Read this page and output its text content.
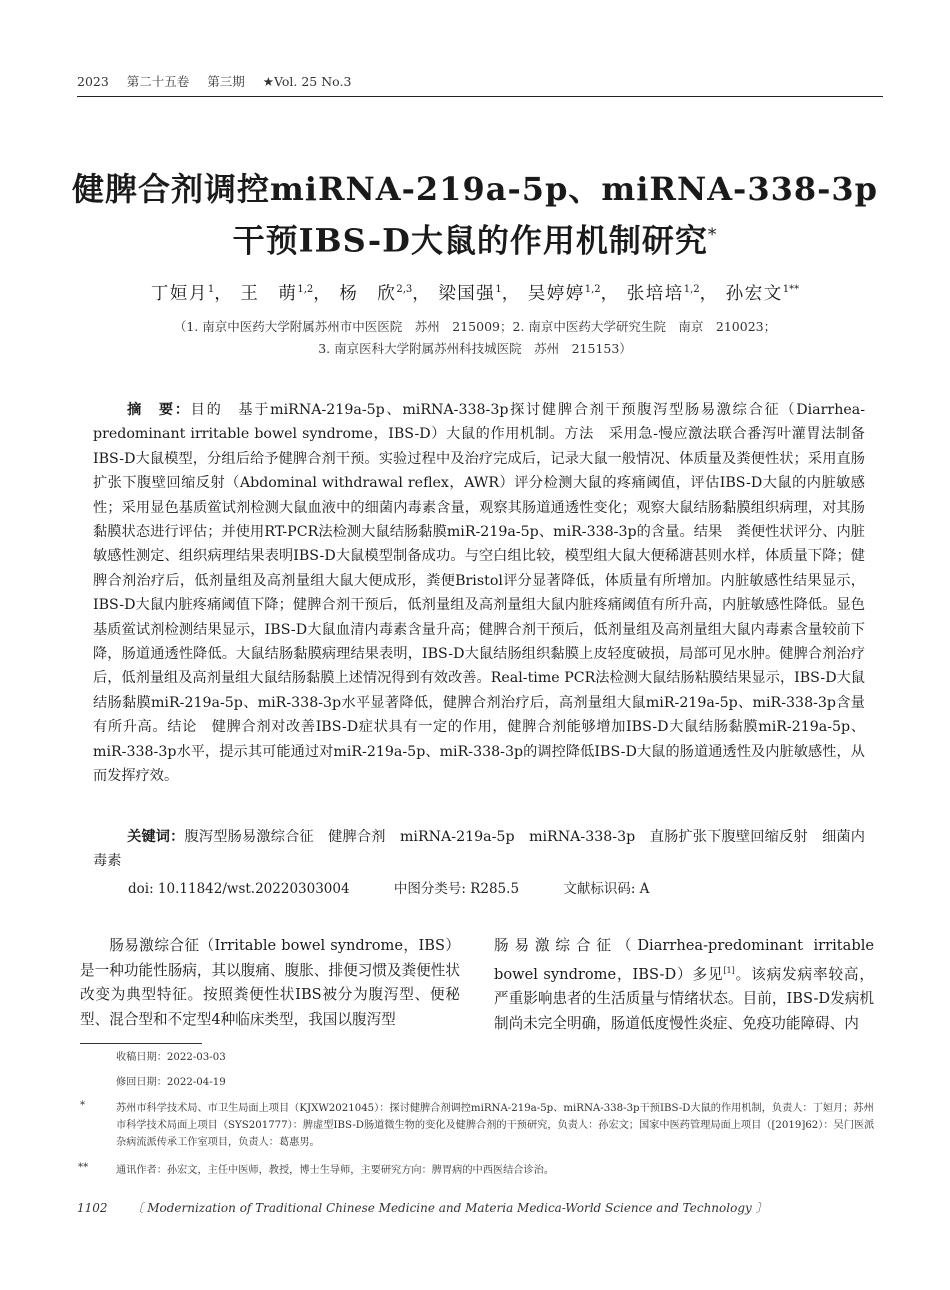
2023 第二十五卷 第三期 ★Vol. 25 No.3
健脾合剂调控miRNA-219a-5p、miRNA-338-3p
干预IBS-D大鼠的作用机制研究*
丁姮月$^1$， 王　萌$^{1,2}$， 杨　欣$^{2,3}$， 梁国强$^1$， 吴婷婷$^{1,2}$， 张培培$^{1,2}$， 孙宏文$^{1**}$
（1. 南京中医药大学附属苏州市中医医院　苏州　215009；2. 南京中医药大学研究生院　南京　210023；
3. 南京医科大学附属苏州科技城医院　苏州　215153）
摘　要：目的　基于miRNA-219a-5p、miRNA-338-3p探讨健脾合剂干预腹泻型肠易激综合征（Diarrhea-predominant irritable bowel syndrome，IBS-D）大鼠的作用机制。方法　采用急-慢应激法联合番泻叶灌胃法制备IBS-D大鼠模型，分组后给予健脾合剂干预。实验过程中及治疗完成后，记录大鼠一般情况、体质量及粪便性状；采用直肠扩张下腹壁回缩反射（Abdominal withdrawal reflex，AWR）评分检测大鼠的疼痛阈值，评估IBS-D大鼠的内脏敏感性；采用显色基质鲎试剂检测大鼠血液中的细菌内毒素含量，观察其肠道通透性变化；观察大鼠结肠黏膜组织病理，对其肠黏膜状态进行评估；并使用RT-PCR法检测大鼠结肠黏膜miR-219a-5p、miR-338-3p的含量。结果　粪便性状评分、内脏敏感性测定、组织病理结果表明IBS-D大鼠模型制备成功。与空白组比较，模型组大鼠大便稀溏甚则水样，体质量下降；健脾合剂治疗后，低剂量组及高剂量组大鼠大便成形，粪便Bristol评分显著降低，体质量有所增加。内脏敏感性结果显示，IBS-D大鼠内脏疼痛阈值下降；健脾合剂干预后，低剂量组及高剂量组大鼠内脏疼痛阈值有所升高，内脏敏感性降低。显色基质鲎试剂检测结果显示，IBS-D大鼠血清内毒素含量升高；健脾合剂干预后，低剂量组及高剂量组大鼠内毒素含量较前下降，肠道通透性降低。大鼠结肠黏膜病理结果表明，IBS-D大鼠结肠组织黏膜上皮轻度破损，局部可见水肿。健脾合剂治疗后，低剂量组及高剂量组大鼠结肠黏膜上述情况得到有效改善。Real-time PCR法检测大鼠结肠粘膜结果显示，IBS-D大鼠结肠黏膜miR-219a-5p、miR-338-3p水平显著降低，健脾合剂治疗后，高剂量组大鼠miR-219a-5p、miR-338-3p含量有所升高。结论　健脾合剂对改善IBS-D症状具有一定的作用，健脾合剂能够增加IBS-D大鼠结肠黏膜miR-219a-5p、miR-338-3p水平，提示其可能通过对miR-219a-5p、miR-338-3p的调控降低IBS-D大鼠的肠道通透性及内脏敏感性，从而发挥疗效。
关键词：腹泻型肠易激综合征　健脾合剂　miRNA-219a-5p　miRNA-338-3p　直肠扩张下腹壁回缩反射　细菌内毒素
doi: 10.11842/wst.20220303004	中图分类号: R285.5	文献标识码: A
肠易激综合征（Irritable bowel syndrome，IBS）是一种功能性肠病，其以腹痛、腹胀、排便习惯及粪便性状改变为典型特征。按照粪便性状IBS被分为腹泻型、便秘型、混合型和不定型4种临床类型，我国以腹泻型
肠易激综合征（Diarrhea-predominant irritable bowel syndrome，IBS-D）多见[1]。该病发病率较高，严重影响患者的生活质量与情绪状态。目前，IBS-D发病机制尚未完全明确，肠道低度慢性炎症、免疫功能障碍、内
收稿日期：2022-03-03
修回日期：2022-04-19
*	苏州市科学技术局、市卫生局面上项目（KJXW2021045）：探讨健脾合剂调控miRNA-219a-5p、miRNA-338-3p干预IBS-D大鼠的作用机制，负责人：丁姮月；苏州市科学技术局面上项目（SYS201777）：脾虚型IBS-D肠道微生物的变化及健脾合剂的干预研究，负责人：孙宏文；国家中医药管理局面上项目（[2019]62）：吴门医派杂病流派传承工作室项目，负责人：葛惠男。
**	通讯作者：孙宏文，主任中医师，教授，博士生导师，主要研究方向：脾胃病的中西医结合诊治。
1102 〔 Modernization of Traditional Chinese Medicine and Materia Medica-World Science and Technology 〕
